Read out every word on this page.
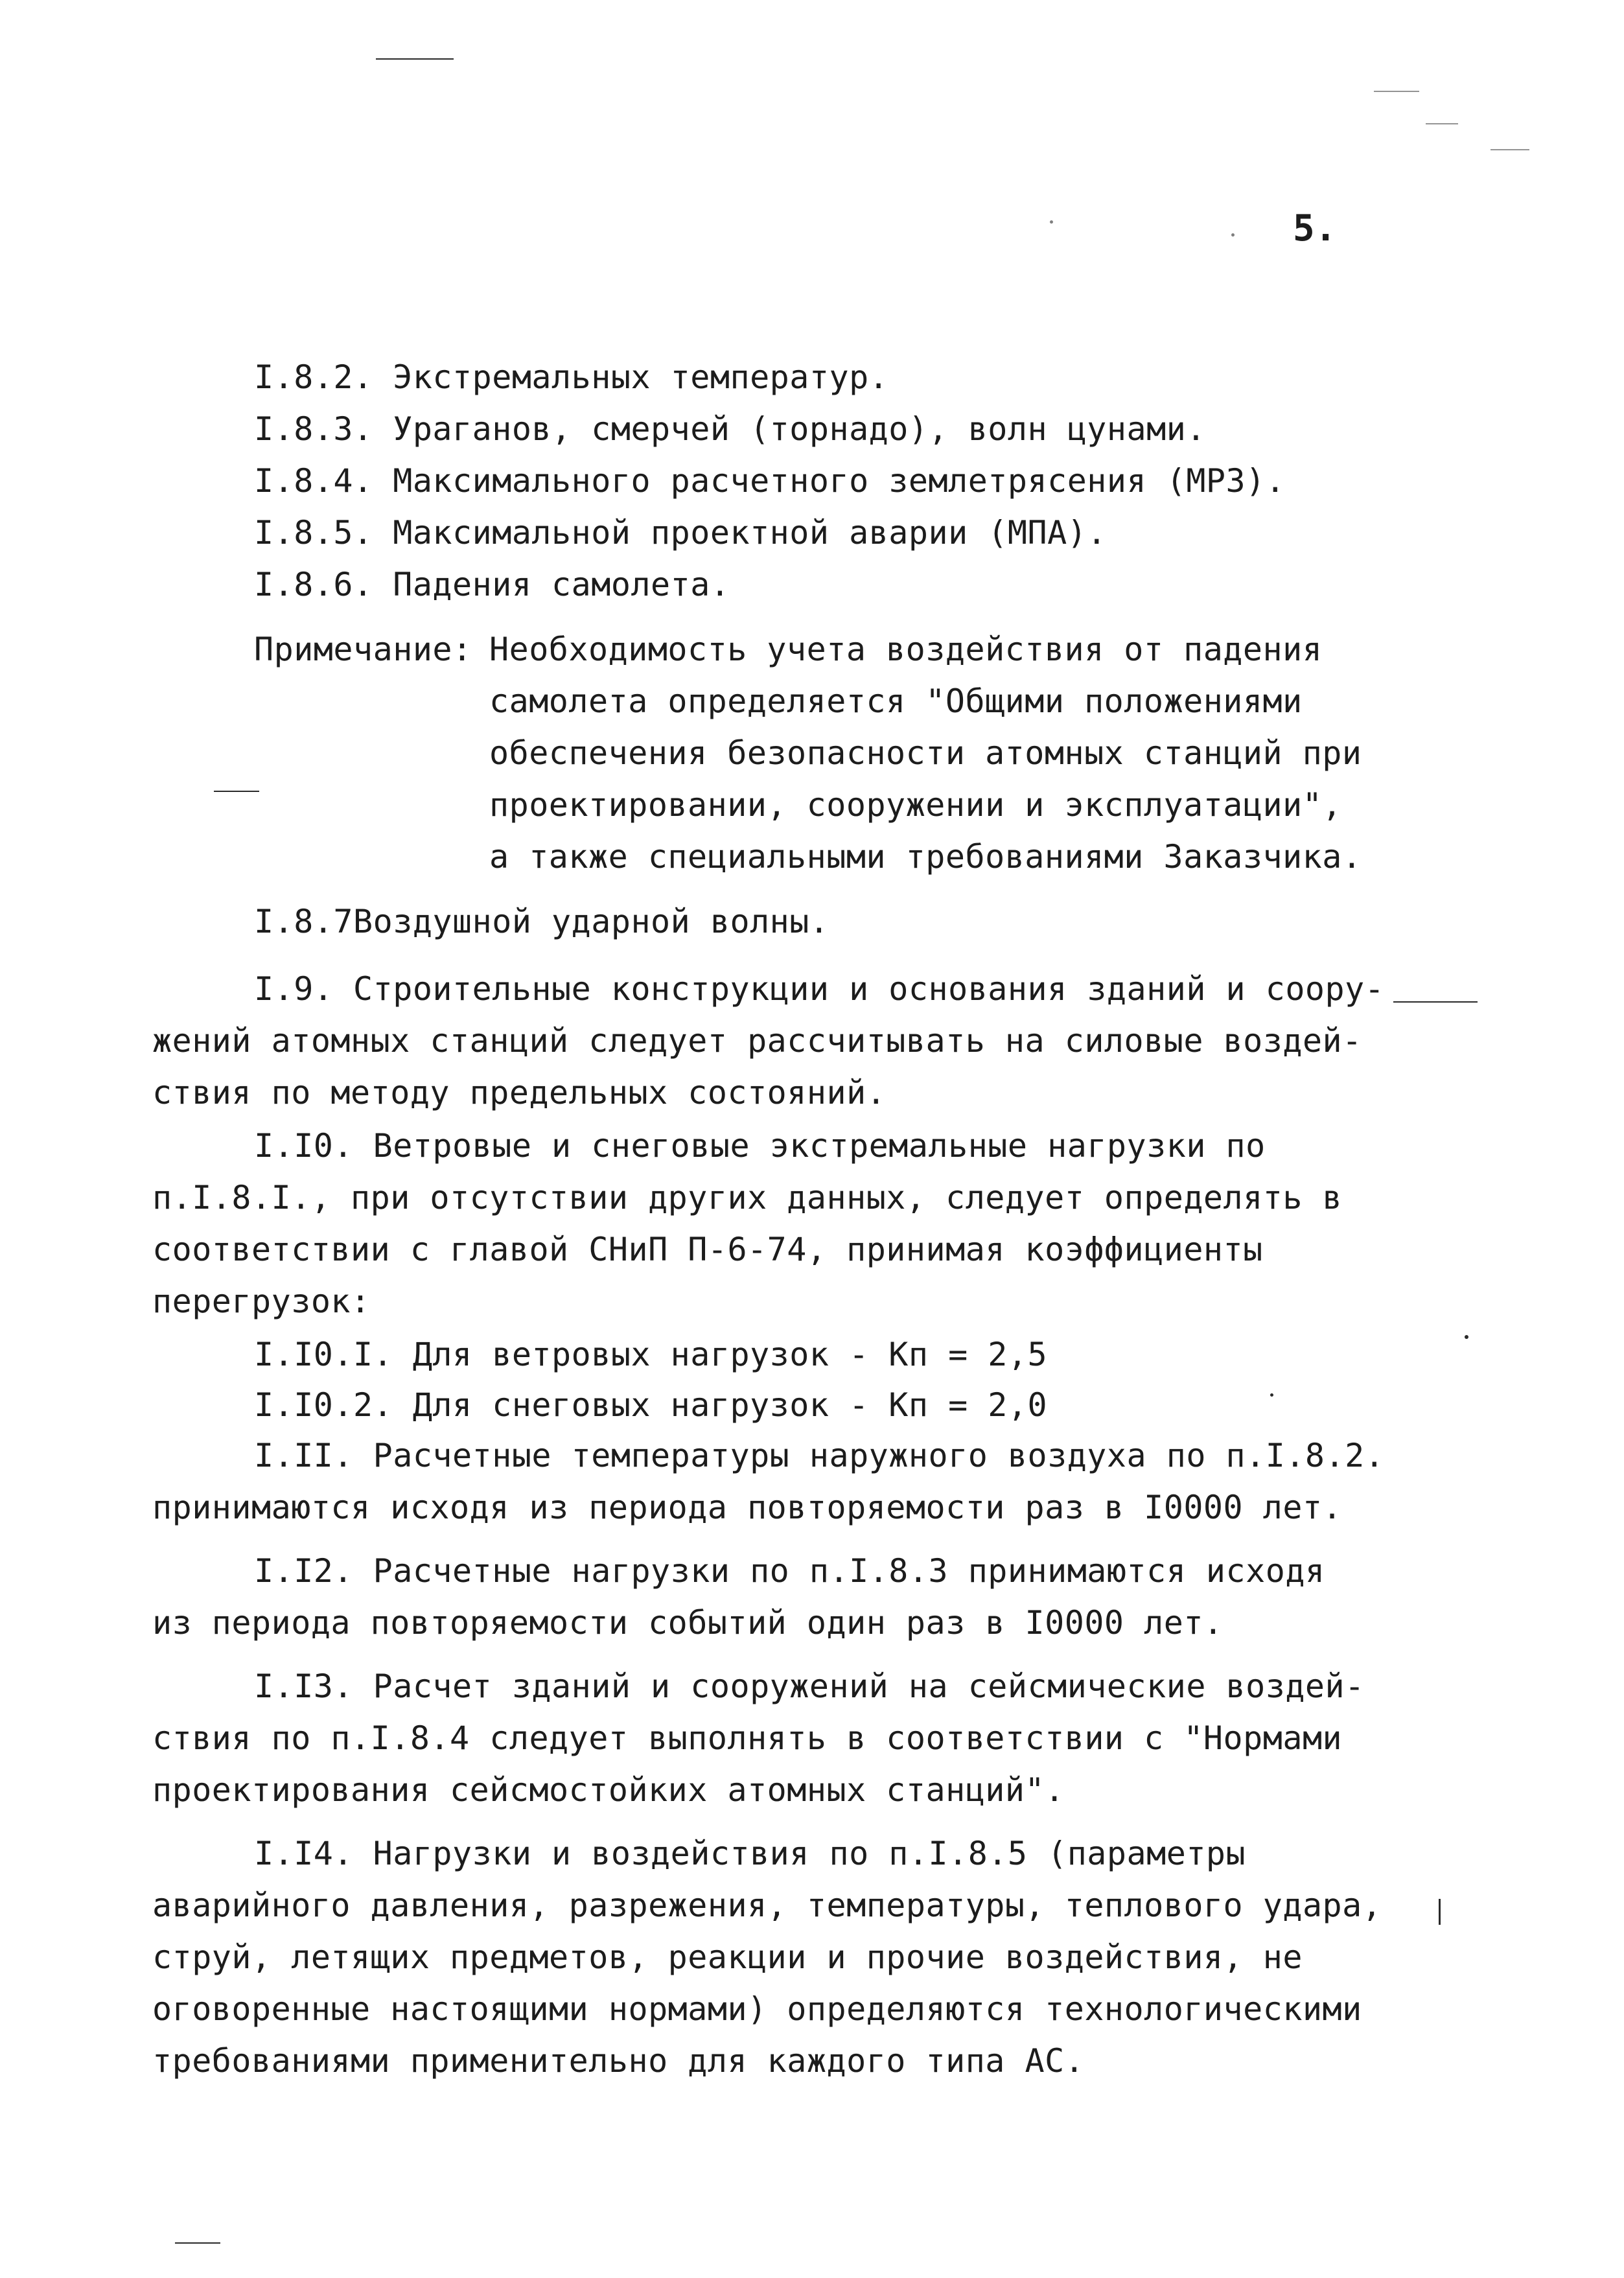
5.
I.8.2. Экстремальных температур.
I.8.3. Ураганов, смерчей (торнадо), волн цунами.
I.8.4. Максимального расчетного землетрясения (МРЗ).
I.8.5. Максимальной проектной аварии (МПА).
I.8.6. Падения самолета.
Примечание: Необходимость учета воздействия от падения
самолета определяется "Общими положениями
обеспечения безопасности атомных станций при
проектировании, сооружении и эксплуатации",
а также специальными требованиями Заказчика.
I.8.7Воздушной ударной волны.
I.9. Строительные конструкции и основания зданий и соору-
жений атомных станций следует рассчитывать на силовые воздей-
ствия по методу предельных состояний.
I.I0. Ветровые и снеговые экстремальные нагрузки по
п.I.8.I., при отсутствии других данных, следует определять в
соответствии с главой СНиП П-6-74, принимая коэффициенты
перегрузок:
I.I0.I. Для ветровых нагрузок - Кп = 2,5
I.I0.2. Для снеговых нагрузок - Кп = 2,0
I.II. Расчетные температуры наружного воздуха по п.I.8.2.
принимаются исходя из периода повторяемости раз в I0000 лет.
I.I2. Расчетные нагрузки по п.I.8.3 принимаются исходя
из периода повторяемости событий один раз в I0000 лет.
I.I3. Расчет зданий и сооружений на сейсмические воздей-
ствия по п.I.8.4 следует выполнять в соответствии с "Нормами
проектирования сейсмостойких атомных станций".
I.I4. Нагрузки и воздействия по п.I.8.5 (параметры
аварийного давления, разрежения, температуры, теплового удара,
струй, летящих предметов, реакции и прочие воздействия, не
оговоренные настоящими нормами) определяются технологическими
требованиями применительно для каждого типа АС.
